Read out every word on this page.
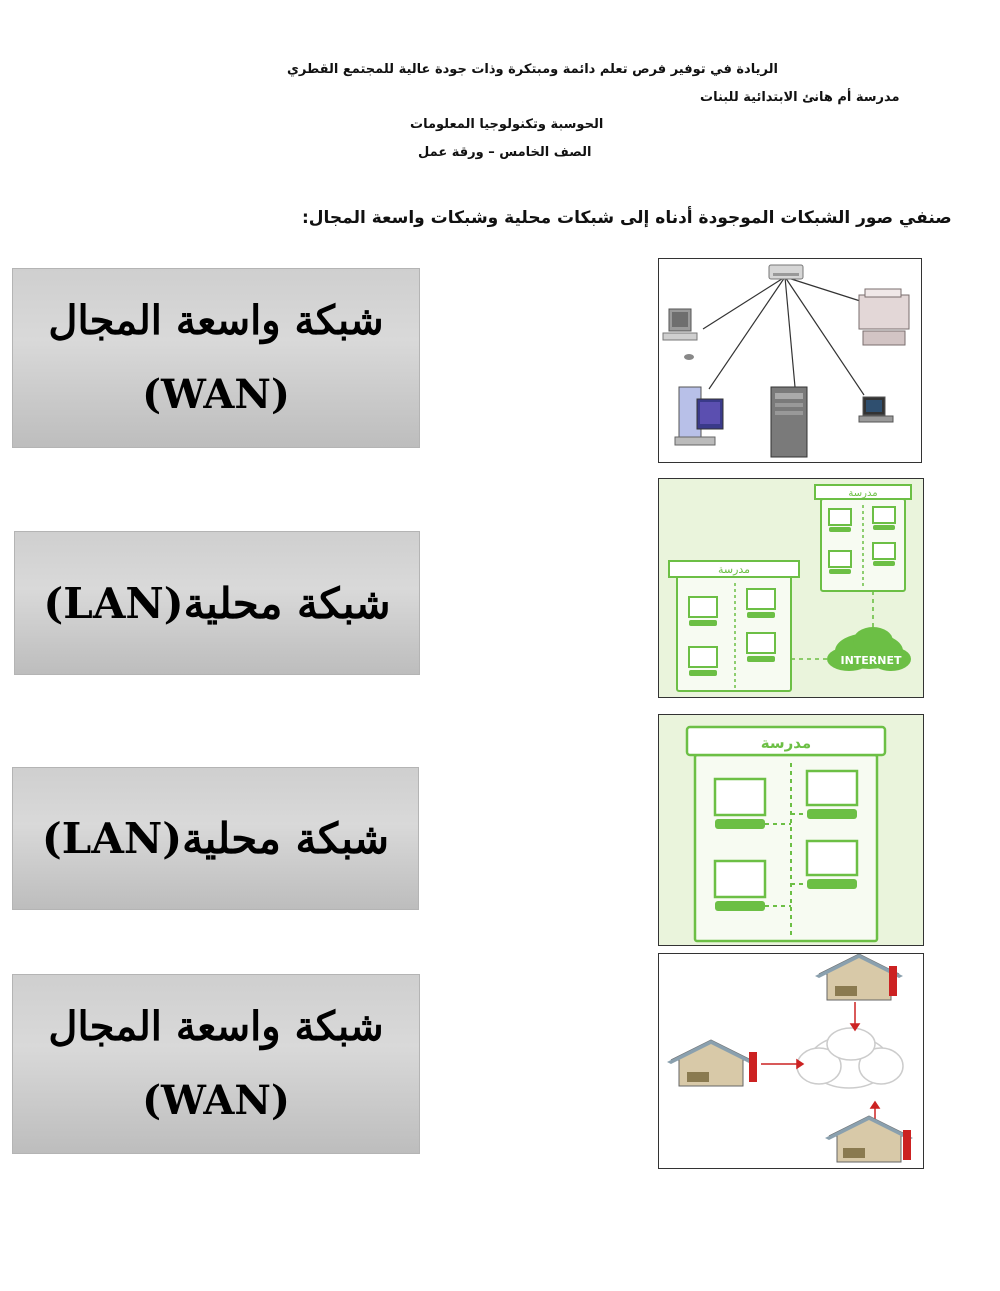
الريادة في توفير فرص تعلم دائمة ومبتكرة وذات جودة عالية للمجتمع القطري
مدرسة أم هانئ الابتدائية للبنات
الحوسبة وتكنولوجيا المعلومات
الصف الخامس – ورقة عمل
صنفي صور الشبكات الموجودة أدناه إلى شبكات محلية وشبكات واسعة المجال:
شبكة واسعة المجال
(WAN)
شبكة محلية(LAN)
شبكة محلية(LAN)
شبكة واسعة المجال
(WAN)
مدرسة
مدرسة
INTERNET
مدرسة
